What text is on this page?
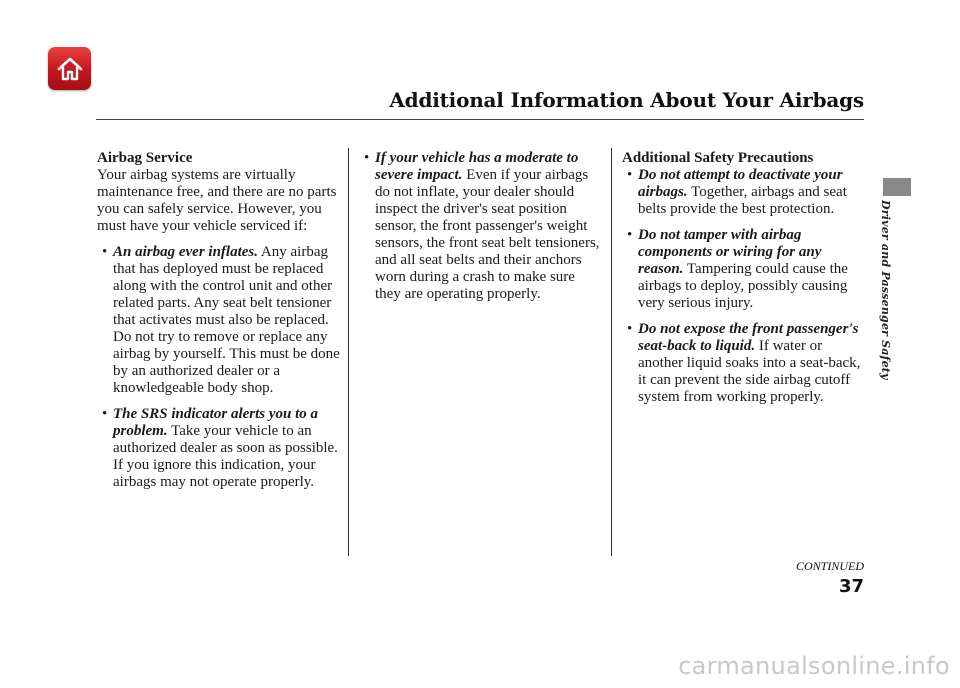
Additional Information About Your Airbags
Driver and Passenger Safety
Airbag Service

Your airbag systems are virtually maintenance free, and there are no parts you can safely service. However, you must have your vehicle serviced if:

• An airbag ever inflates. Any airbag that has deployed must be replaced along with the control unit and other related parts. Any seat belt tensioner that activates must also be replaced.

Do not try to remove or replace any airbag by yourself. This must be done by an authorized dealer or a knowledgeable body shop.

• The SRS indicator alerts you to a problem. Take your vehicle to an authorized dealer as soon as possible. If you ignore this indication, your airbags may not operate properly.
• If your vehicle has a moderate to severe impact. Even if your airbags do not inflate, your dealer should inspect the driver's seat position sensor, the front passenger's weight sensors, the front seat belt tensioners, and all seat belts and their anchors worn during a crash to make sure they are operating properly.
Additional Safety Precautions
• Do not attempt to deactivate your airbags. Together, airbags and seat belts provide the best protection.
• Do not tamper with airbag components or wiring for any reason. Tampering could cause the airbags to deploy, possibly causing very serious injury.
• Do not expose the front passenger's seat-back to liquid. If water or another liquid soaks into a seat-back, it can prevent the side airbag cutoff system from working properly.
CONTINUED
37
carmanualsonline.info
